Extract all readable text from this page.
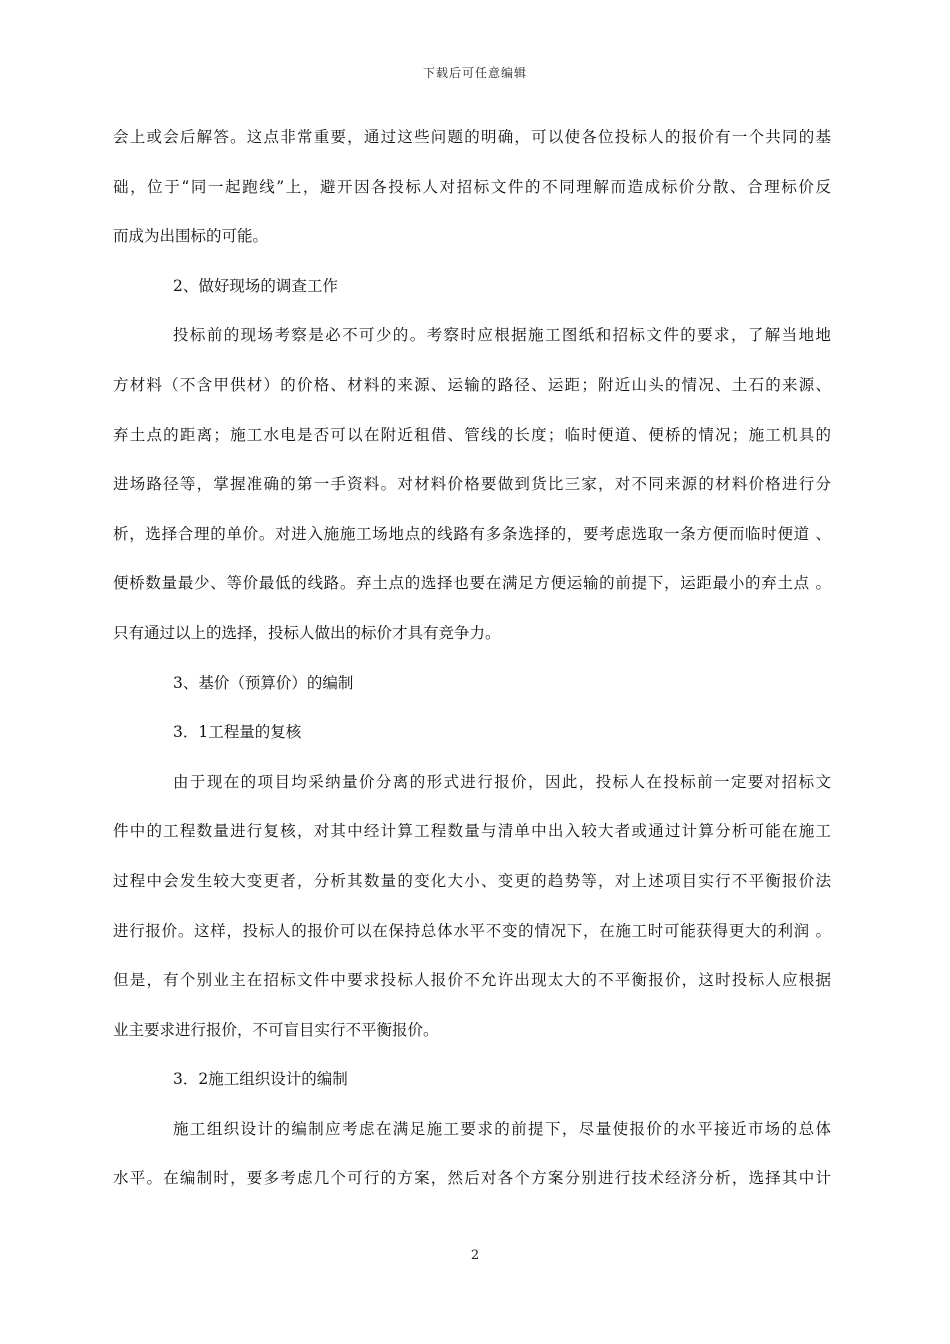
下载后可任意编辑
会上或会后解答。这点非常重要，通过这些问题的明确，可以使各位投标人的报价有一个共同的基
础，位于“同一起跑线”上，避开因各投标人对招标文件的不同理解而造成标价分散、合理标价反
而成为出围标的可能。
2、做好现场的调查工作
投标前的现场考察是必不可少的。考察时应根据施工图纸和招标文件的要求，了解当地地
方材料（不含甲供材）的价格、材料的来源、运输的路径、运距；附近山头的情况、土石的来源、
弃土点的距离；施工水电是否可以在附近租借、管线的长度；临时便道、便桥的情况；施工机具的
进场路径等，掌握准确的第一手资料。对材料价格要做到货比三家，对不同来源的材料价格进行分
析，选择合理的单价。对进入施施工场地点的线路有多条选择的，要考虑选取一条方便而临时便道 、
便桥数量最少、等价最低的线路。弃土点的选择也要在满足方便运输的前提下，运距最小的弃土点 。
只有通过以上的选择，投标人做出的标价才具有竞争力。
3、基价（预算价）的编制
3．1工程量的复核
由于现在的项目均采纳量价分离的形式进行报价，因此，投标人在投标前一定要对招标文
件中的工程数量进行复核，对其中经计算工程数量与清单中出入较大者或通过计算分析可能在施工
过程中会发生较大变更者，分析其数量的变化大小、变更的趋势等，对上述项目实行不平衡报价法
进行报价。这样，投标人的报价可以在保持总体水平不变的情况下，在施工时可能获得更大的利润 。
但是，有个别业主在招标文件中要求投标人报价不允许出现太大的不平衡报价，这时投标人应根据
业主要求进行报价，不可盲目实行不平衡报价。
3．2施工组织设计的编制
施工组织设计的编制应考虑在满足施工要求的前提下，尽量使报价的水平接近市场的总体
水平。在编制时，要多考虑几个可行的方案，然后对各个方案分别进行技术经济分析，选择其中计
2
